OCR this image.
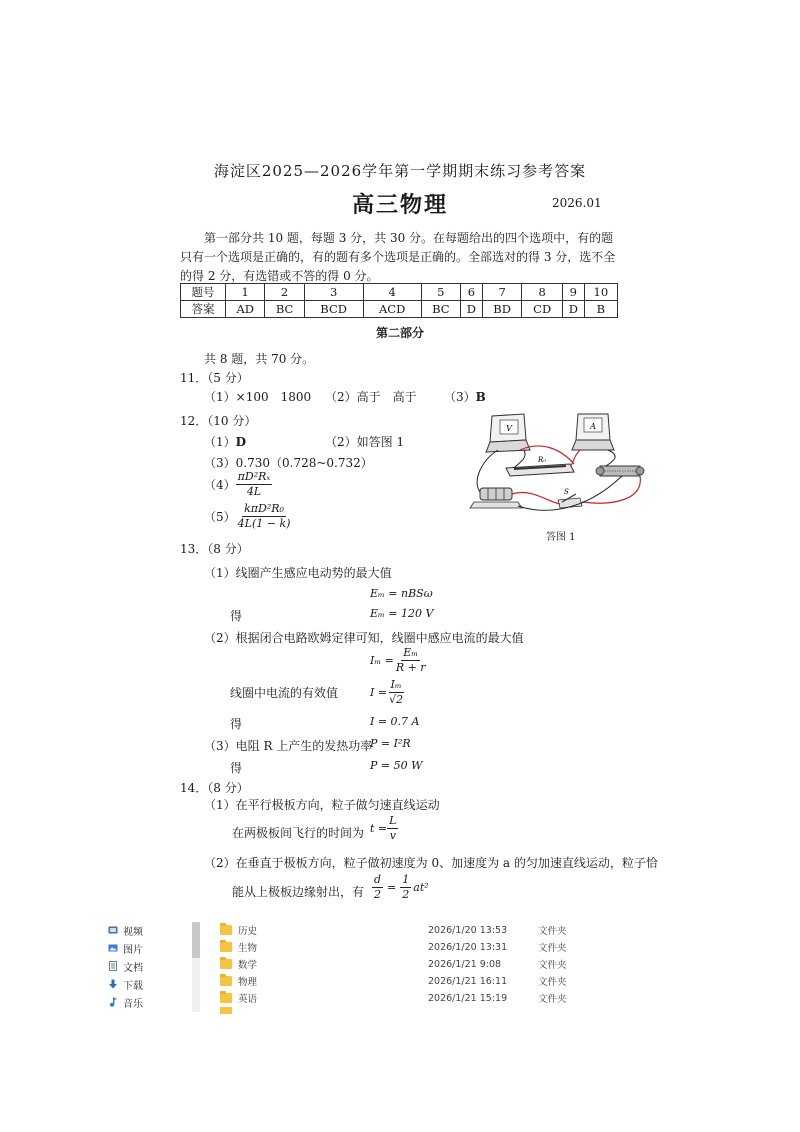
海淀区2025—2026学年第一学期期末练习参考答案
高三物理	2026.01
第一部分共 10 题，每题 3 分，共 30 分。在每题给出的四个选项中，有的题只有一个选项是正确的，有的题有多个选项是正确的。全部选对的得 3 分，选不全的得 2 分，有选错或不答的得 0 分。
题号	1	2	3	4	5	6	7	8	9	10
答案	AD	BC	BCD	ACD	BC	D	BD	CD	D	B
第二部分
共 8 题，共 70 分。
11．（5 分）
（1）×100　1800 （2）高于　高于 （3）B
12．（10 分）
（1）D	（2）如答图 1
（3）0.730（0.728~0.732）
$(4) \frac{\text{πD²Rₓ}}{4L}$
$(5) \frac{\text{kπD²R₀}}{4L(1 - k)}$
V	A
R₀
S
答图 1
13．（8 分）
（1）线圈产生感应电动势的最大值
Eₘ = nBSω
得	Eₘ = 120 V
（2）根据闭合电路欧姆定律可知，线圈中感应电流的最大值
$I_m = \frac{\text{Eₘ}}{R + r}$
线圈中电流的有效值	$I = \frac{\text{Iₘ}}{√2}$
得	I = 0.7 A
（3）电阻 R 上产生的发热功率
P = I²R
得	P = 50 W
14．（8 分）
（1）在平行极板方向，粒子做匀速直线运动
在两极板间飞行的时间为 $t = \frac{L}{v}$
（2）在垂直于极板方向，粒子做初速度为 0、加速度为 a 的匀加速直线运动，粒子恰
能从上极板边缘射出，有 $\frac{d}{2} = \frac{1}{2} at^2$
视频
图片
文档
下载
音乐
历史	2026/1/20 13:53	文件夹
生物	2026/1/20 13:31	文件夹
数学	2026/1/21 9:08	文件夹
物理	2026/1/21 16:11	文件夹
英语	2026/1/21 15:19	文件夹
